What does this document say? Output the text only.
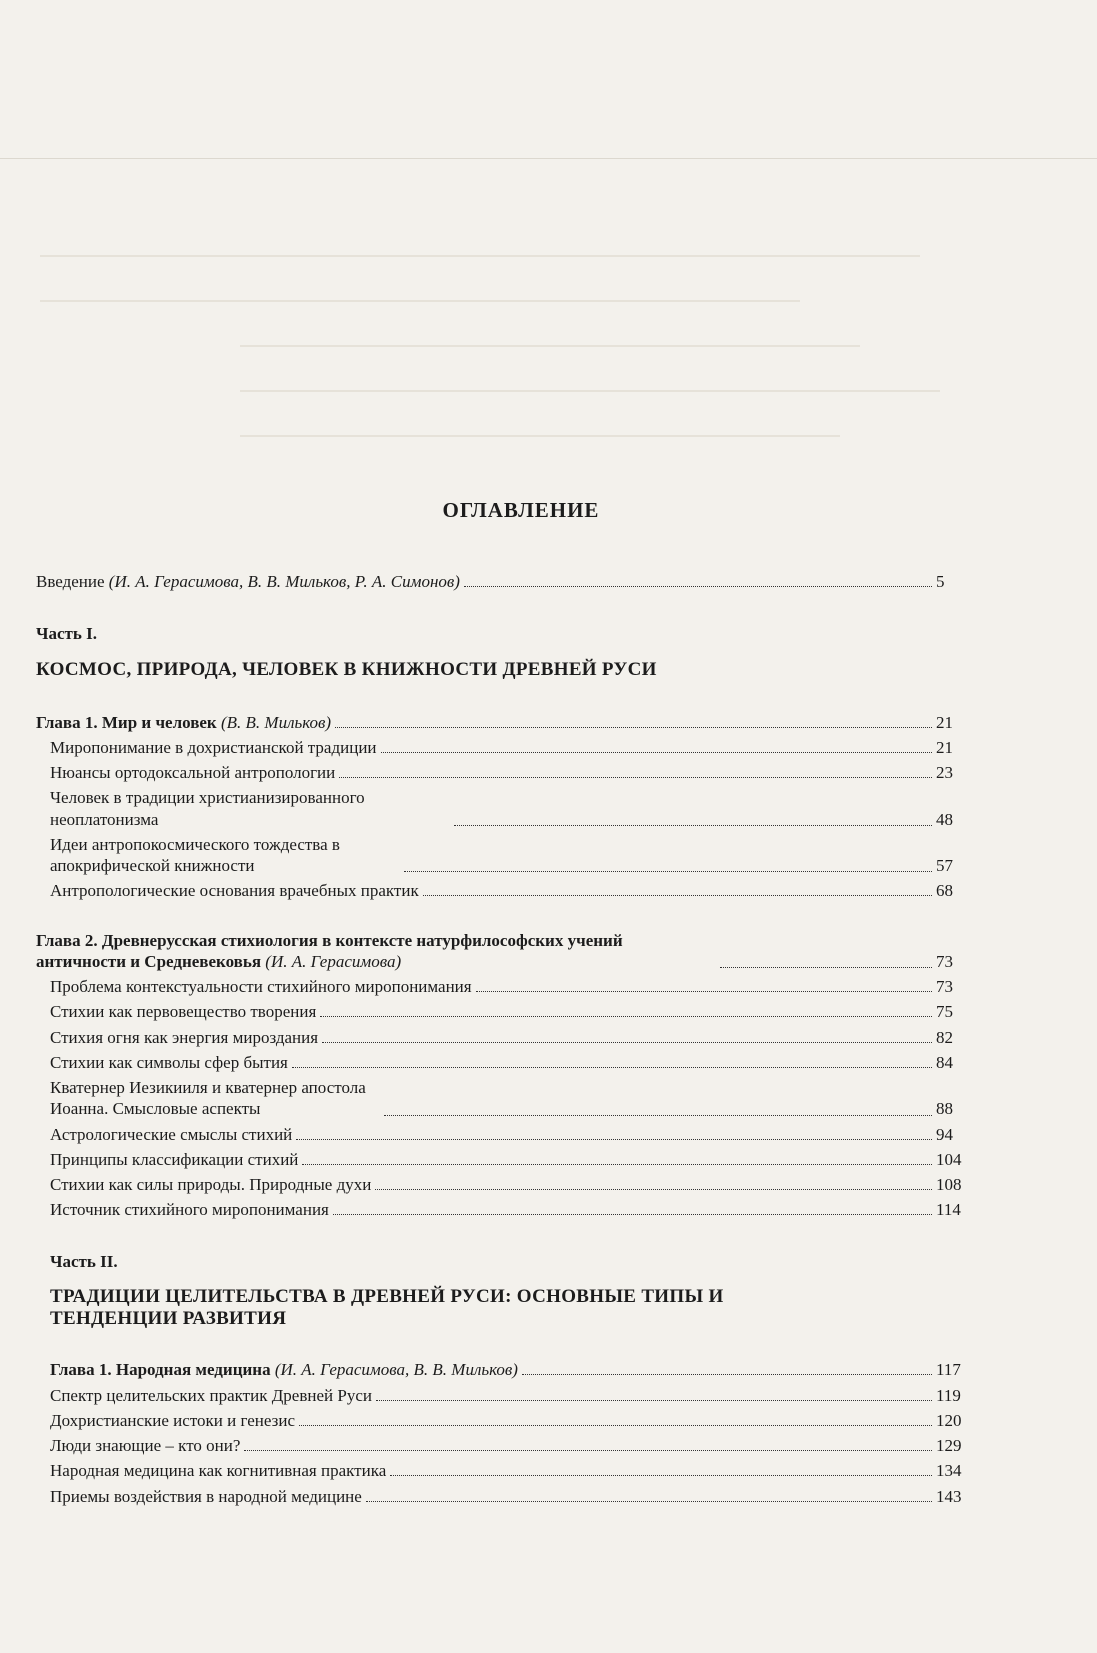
ОГЛАВЛЕНИЕ
Введение (И. А. Герасимова, В. В. Мильков, Р. А. Симонов)	5
Часть I.
КОСМОС, ПРИРОДА, ЧЕЛОВЕК В КНИЖНОСТИ ДРЕВНЕЙ РУСИ
Глава 1. Мир и человек (В. В. Мильков)	21
Миропонимание в дохристианской традиции	21
Нюансы ортодоксальной антропологии	23
Человек в традиции христианизированного неоплатонизма	48
Идеи антропокосмического тождества в апокрифической книжности	57
Антропологические основания врачебных практик	68
Глава 2. Древнерусская стихиология в контексте натурфилософских учений античности и Средневековья (И. А. Герасимова)	73
Проблема контекстуальности стихийного миропонимания	73
Стихии как первовещество творения	75
Стихия огня как энергия мироздания	82
Стихии как символы сфер бытия	84
Кватернер Иезикииля и кватернер апостола Иоанна. Смысловые аспекты	88
Астрологические смыслы стихий	94
Принципы классификации стихий	104
Стихии как силы природы. Природные духи	108
Источник стихийного миропонимания	114
Часть II.
ТРАДИЦИИ ЦЕЛИТЕЛЬСТВА В ДРЕВНЕЙ РУСИ: ОСНОВНЫЕ ТИПЫ И ТЕНДЕНЦИИ РАЗВИТИЯ
Глава 1. Народная медицина (И. А. Герасимова, В. В. Мильков)	117
Спектр целительских практик Древней Руси	119
Дохристианские истоки и генезис	120
Люди знающие – кто они?	129
Народная медицина как когнитивная практика	134
Приемы воздействия в народной медицине	143
